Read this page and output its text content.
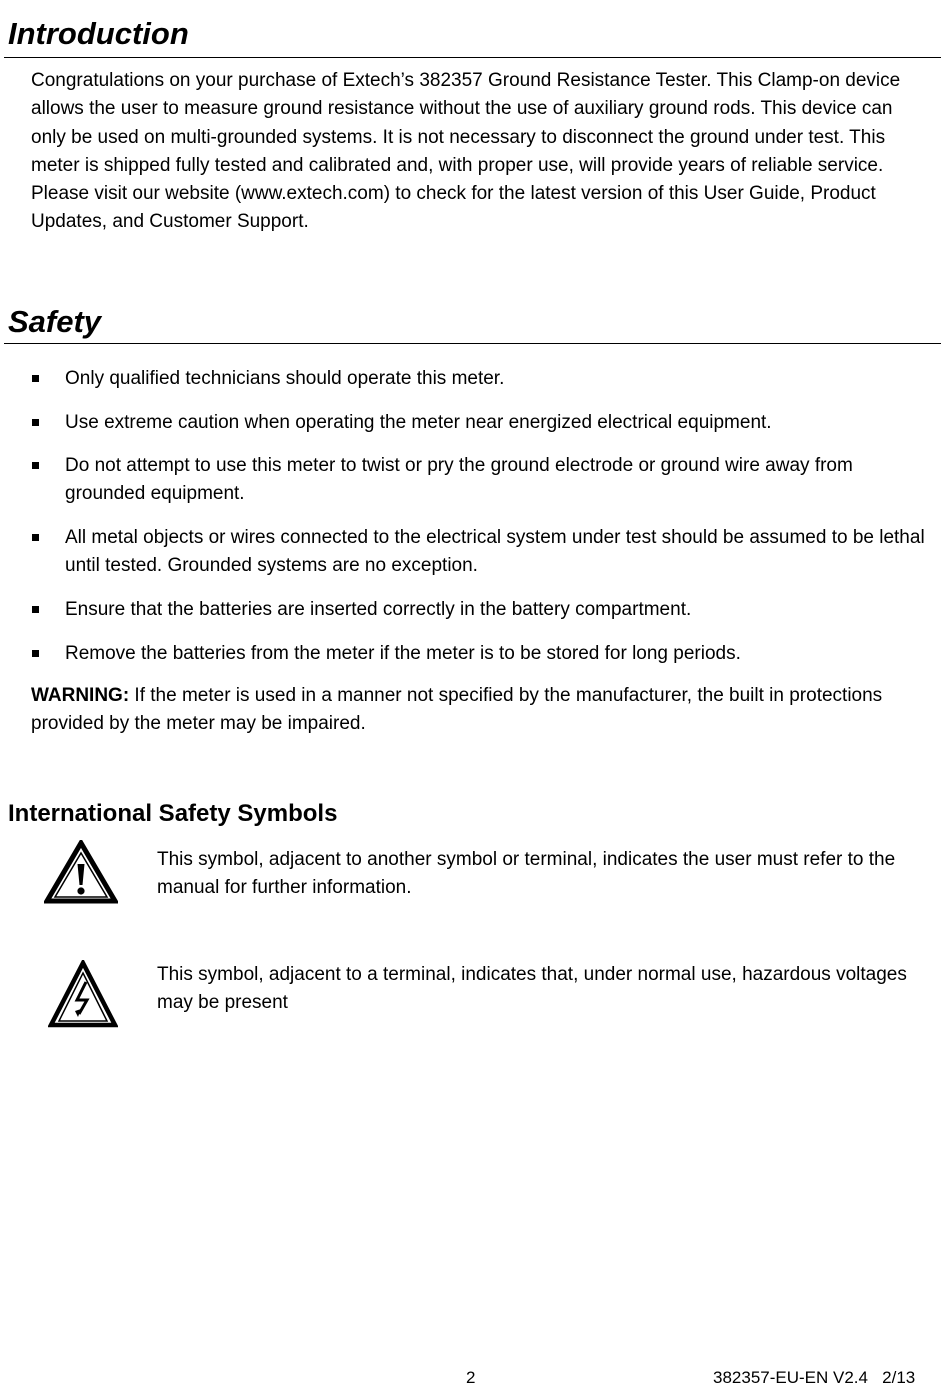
Introduction

Congratulations on your purchase of Extech’s 382357 Ground Resistance Tester. This Clamp-on device allows the user to measure ground resistance without the use of auxiliary ground rods. This device can only be used on multi-grounded systems. It is not necessary to disconnect the ground under test. This meter is shipped fully tested and calibrated and, with proper use, will provide years of reliable service. Please visit our website (www.extech.com) to check for the latest version of this User Guide, Product Updates, and Customer Support.

Safety
Only qualified technicians should operate this meter.
Use extreme caution when operating the meter near energized electrical equipment.
Do not attempt to use this meter to twist or pry the ground electrode or ground wire away from grounded equipment.
All metal objects or wires connected to the electrical system under test should be assumed to be lethal until tested. Grounded systems are no exception.
Ensure that the batteries are inserted correctly in the battery compartment.
Remove the batteries from the meter if the meter is to be stored for long periods.

WARNING: If the meter is used in a manner not specified by the manufacturer, the built in protections provided by the meter may be impaired.

International Safety Symbols

This symbol, adjacent to another symbol or terminal, indicates the user must refer to the manual for further information.

This symbol, adjacent to a terminal, indicates that, under normal use, hazardous voltages may be present

2	382357-EU-EN V2.4   2/13
